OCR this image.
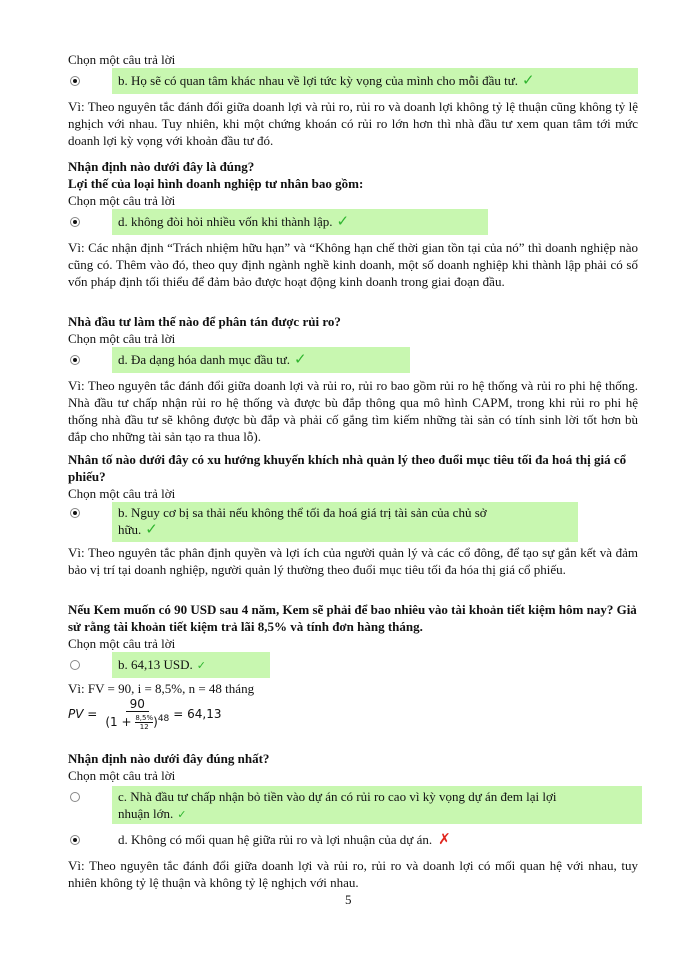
Chọn một câu trả lời
b. Họ sẽ có quan tâm khác nhau về lợi tức kỳ vọng của mình cho mỗi đầu tư. ✓
Vì: Theo nguyên tắc đánh đổi giữa doanh lợi và rủi ro, rủi ro và doanh lợi không tỷ lệ thuận cũng không tỷ lệ nghịch với nhau. Tuy nhiên, khi một chứng khoán có rủi ro lớn hơn thì nhà đầu tư xem quan tâm tới mức doanh lợi kỳ vọng với khoản đầu tư đó.
Nhận định nào dưới đây là đúng?
Lợi thế của loại hình doanh nghiệp tư nhân bao gồm:
Chọn một câu trả lời
d. không đòi hỏi nhiều vốn khi thành lập. ✓
Vì: Các nhận định “Trách nhiệm hữu hạn” và “Không hạn chế thời gian tồn tại của nó” thì doanh nghiệp nào cũng có. Thêm vào đó, theo quy định ngành nghề kinh doanh, một số doanh nghiệp khi thành lập phải có số vốn pháp định tối thiểu để đảm bảo được hoạt động kinh doanh trong giai đoạn đầu.
Nhà đầu tư làm thế nào để phân tán được rủi ro?
Chọn một câu trả lời
d. Đa dạng hóa danh mục đầu tư. ✓
Vì: Theo nguyên tắc đánh đổi giữa doanh lợi và rủi ro, rủi ro bao gồm rủi ro hệ thống và rủi ro phi hệ thống. Nhà đầu tư chấp nhận rủi ro hệ thống và được bù đắp thông qua mô hình CAPM, trong khi rủi ro phi hệ thống nhà đầu tư sẽ không được bù đắp và phải cố gắng tìm kiếm những tài sản có tính sinh lời tốt hơn bù đắp cho những tài sản tạo ra thua lỗ).
Nhân tố nào dưới đây có xu hướng khuyến khích nhà quản lý theo đuổi mục tiêu tối đa hoá thị giá cổ phiếu?
Chọn một câu trả lời
b. Nguy cơ bị sa thải nếu không thể tối đa hoá giá trị tài sản của chủ sở
hữu. ✓
Vì: Theo nguyên tắc phân định quyền và lợi ích của người quản lý và các cổ đông, để tạo sự gắn kết và đảm bảo vị trí tại doanh nghiệp, người quản lý thường theo đuổi mục tiêu tối đa hóa thị giá cổ phiếu.
Nếu Kem muốn có 90 USD sau 4 năm, Kem sẽ phải để bao nhiêu vào tài khoản tiết kiệm hôm nay? Giả sử rằng tài khoản tiết kiệm trả lãi 8,5% và tính đơn hàng tháng.
Chọn một câu trả lời
b. 64,13 USD. ✓
Vì: FV = 90, i = 8,5%, n = 48 tháng
PV =
90
$(1 + \frac{8,5\%}{12} )^{48} = 64,13$
Nhận định nào dưới đây đúng nhất?
Chọn một câu trả lời
c. Nhà đầu tư chấp nhận bỏ tiền vào dự án có rủi ro cao vì kỳ vọng dự án đem lại lợi
nhuận lớn. ✓
d. Không có mối quan hệ giữa rủi ro và lợi nhuận của dự án. ✗
Vì: Theo nguyên tắc đánh đổi giữa doanh lợi và rủi ro, rủi ro và doanh lợi có mối quan hệ với nhau, tuy nhiên không tỷ lệ thuận và không tỷ lệ nghịch với nhau.
5
